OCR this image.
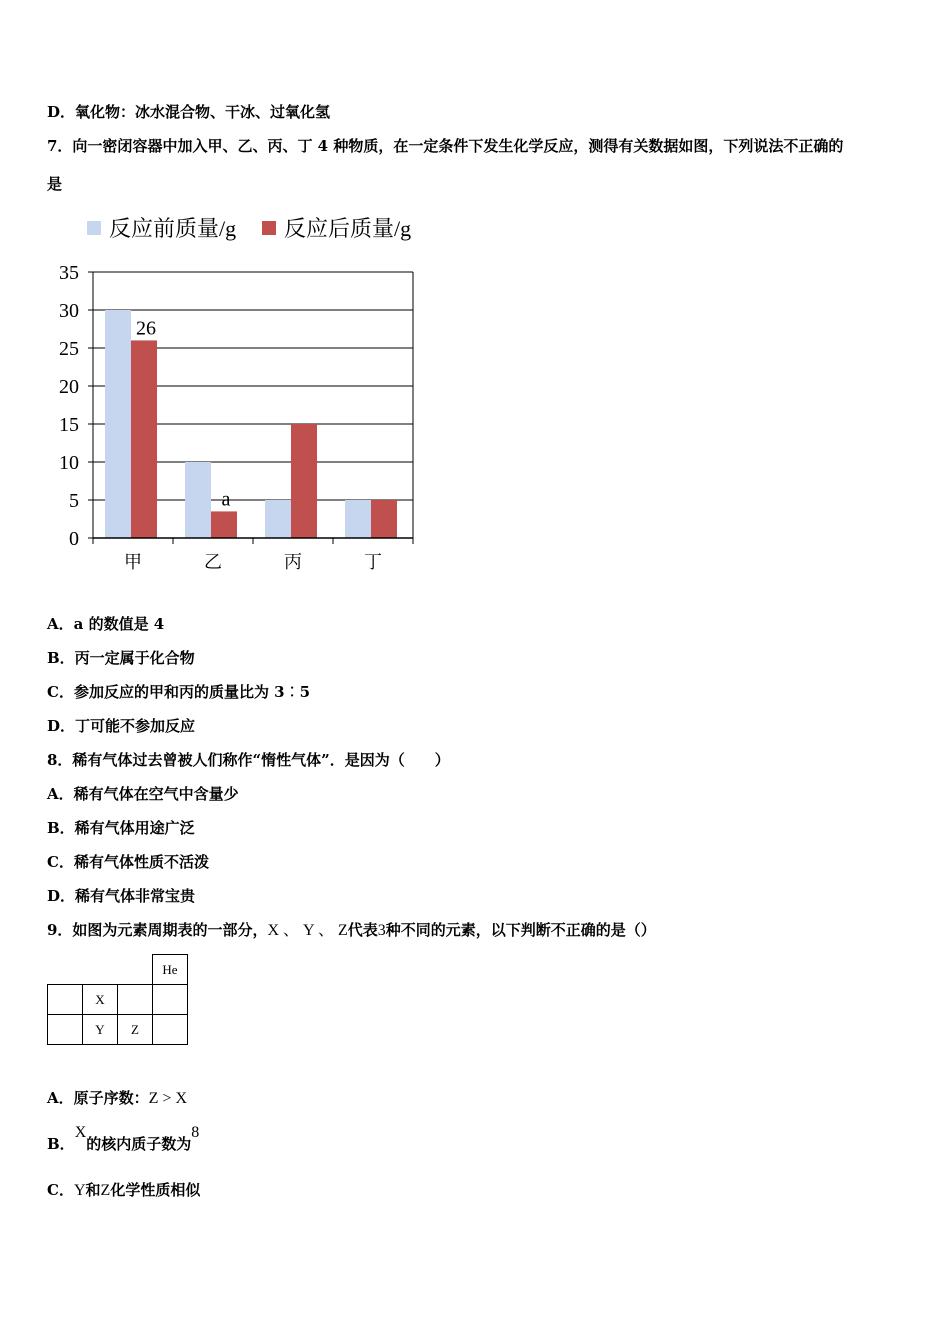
D．氧化物：冰水混合物、干冰、过氧化氢
7．向一密闭容器中加入甲、乙、丙、丁 4 种物质，在一定条件下发生化学反应，测得有关数据如图，下列说法不正确的
是
反应前质量/g 反应后质量/g
0
5
10
15
20
25
30
35
甲	乙	丙	丁
26
a
A．a 的数值是 4
B．丙一定属于化合物
C．参加反应的甲和丙的质量比为 3︰5
D．丁可能不参加反应
8．稀有气体过去曾被人们称作“惰性气体”．是因为（　　）
A．稀有气体在空气中含量少
B．稀有气体用途广泛
C．稀有气体性质不活泼
D．稀有气体非常宝贵
9．如图为元素周期表的一部分，X 、 Y 、 Z代表3种不同的元素，以下判断不正确的是（）
			He
	X		
	Y	Z	
A．原子序数：Z > X
B．X的核内质子数为8
C．Y和Z化学性质相似
